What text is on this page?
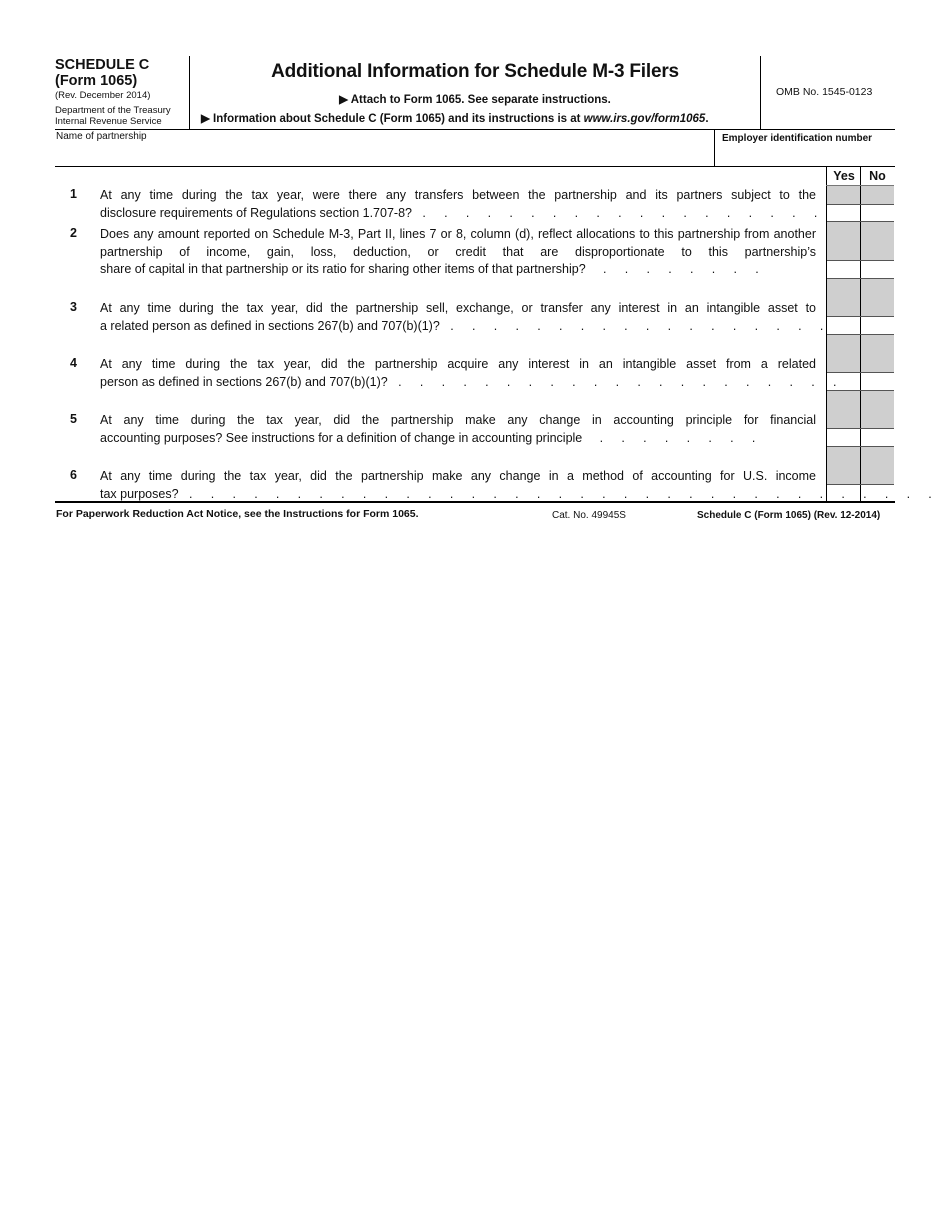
SCHEDULE C
(Form 1065)
(Rev. December 2014)
Department of the Treasury
Internal Revenue Service
Additional Information for Schedule M-3 Filers
▶ Attach to Form 1065. See separate instructions.
▶ Information about Schedule C (Form 1065) and its instructions is at www.irs.gov/form1065.
OMB No. 1545-0123
Name of partnership	Employer identification number
Yes	No
1 At any time during the tax year, were there any transfers between the partnership and its partners subject to the
disclosure requirements of Regulations section 1.707-8? . . . . . . . . . . . . . . . . . . .
2 Does any amount reported on Schedule M-3, Part II, lines 7 or 8, column (d), reflect allocations to this partnership from another partnership of income, gain, loss, deduction, or credit that are disproportionate to this partnership’s
share of capital in that partnership or its ratio for sharing other items of that partnership? . . . . . . . .
3 At any time during the tax year, did the partnership sell, exchange, or transfer any interest in an intangible asset to
a related person as defined in sections 267(b) and 707(b)(1)? . . . . . . . . . . . . . . . . . .
4 At any time during the tax year, did the partnership acquire any interest in an intangible asset from a related
person as defined in sections 267(b) and 707(b)(1)? . . . . . . . . . . . . . . . . . . . . .
5 At any time during the tax year, did the partnership make any change in accounting principle for financial
accounting purposes? See instructions for a definition of change in accounting principle . . . . . . . .
6 At any time during the tax year, did the partnership make any change in a method of accounting for U.S. income
tax purposes? . . . . . . . . . . . . . . . . . . . . . . . . . . . . . . . . . . .
For Paperwork Reduction Act Notice, see the Instructions for Form 1065.	Cat. No. 49945S	Schedule C (Form 1065) (Rev. 12-2014)
